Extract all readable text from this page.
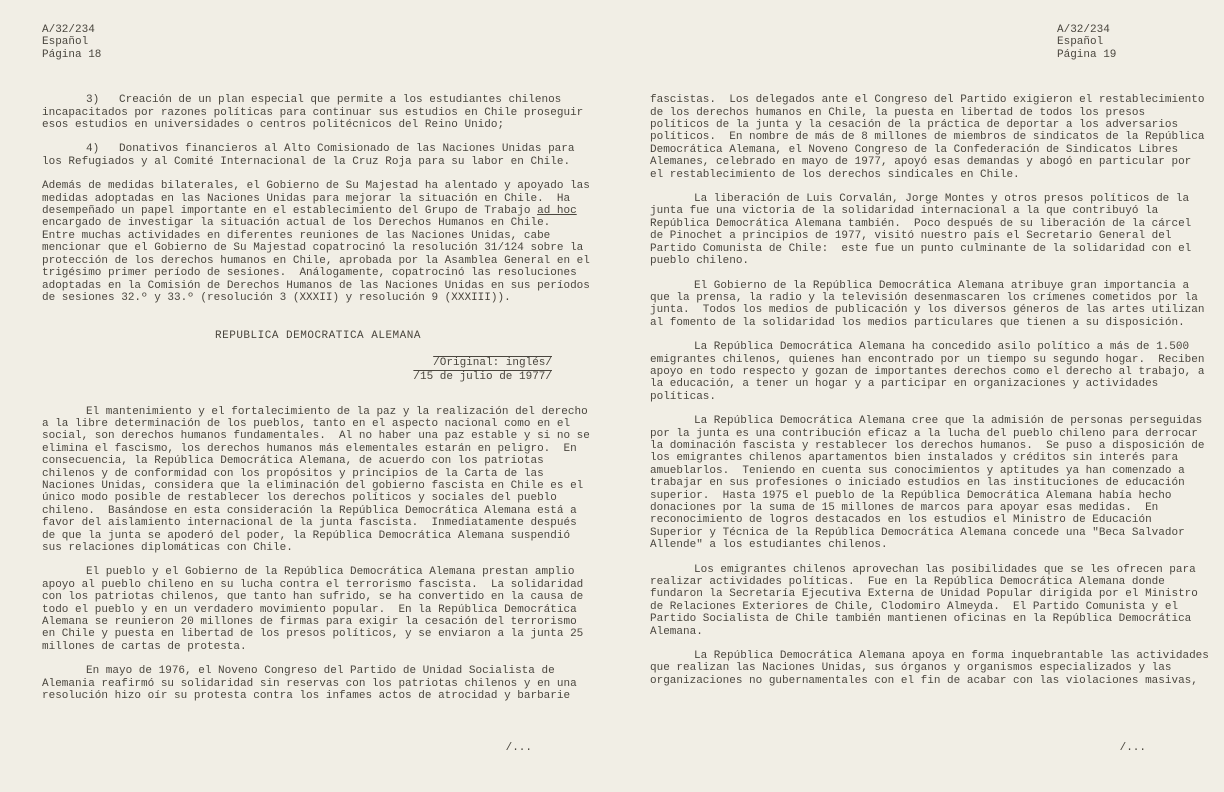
A/32/234
Español
Página 18

3)   Creación de un plan especial que permite a los estudiantes chilenos incapacitados por razones políticas para continuar sus estudios en Chile proseguir esos estudios en universidades o centros politécnicos del Reino Unido;

4)   Donativos financieros al Alto Comisionado de las Naciones Unidas para los Refugiados y al Comité Internacional de la Cruz Roja para su labor en Chile.

Además de medidas bilaterales, el Gobierno de Su Majestad ha alentado y apoyado las medidas adoptadas en las Naciones Unidas para mejorar la situación en Chile.  Ha desempeñado un papel importante en el establecimiento del Grupo de Trabajo ad hoc encargado de investigar la situación actual de los Derechos Humanos en Chile.  Entre muchas actividades en diferentes reuniones de las Naciones Unidas, cabe mencionar que el Gobierno de Su Majestad copatrocinó la resolución 31/124 sobre la protección de los derechos humanos en Chile, aprobada por la Asamblea General en el trigésimo primer período de sesiones.  Análogamente, copatrocinó las resoluciones adoptadas en la Comisión de Derechos Humanos de las Naciones Unidas en sus períodos de sesiones 32.º y 33.º (resolución 3 (XXXII) y resolución 9 (XXXIII)).

REPUBLICA DEMOCRATICA ALEMANA
/Original: inglés/
/15 de julio de 1977/

El mantenimiento y el fortalecimiento de la paz y la realización del derecho a la libre determinación de los pueblos, tanto en el aspecto nacional como en el social, son derechos humanos fundamentales.  Al no haber una paz estable y si no se elimina el fascismo, los derechos humanos más elementales estarán en peligro.  En consecuencia, la República Democrática Alemana, de acuerdo con los patriotas chilenos y de conformidad con los propósitos y principios de la Carta de las Naciones Unidas, considera que la eliminación del gobierno fascista en Chile es el único modo posible de restablecer los derechos políticos y sociales del pueblo chileno.  Basándose en esta consideración la República Democrática Alemana está a favor del aislamiento internacional de la junta fascista.  Inmediatamente después de que la junta se apoderó del poder, la República Democrática Alemana suspendió sus relaciones diplomáticas con Chile.

El pueblo y el Gobierno de la República Democrática Alemana prestan amplio apoyo al pueblo chileno en su lucha contra el terrorismo fascista.  La solidaridad con los patriotas chilenos, que tanto han sufrido, se ha convertido en la causa de todo el pueblo y en un verdadero movimiento popular.  En la República Democrática Alemana se reunieron 20 millones de firmas para exigir la cesación del terrorismo en Chile y puesta en libertad de los presos políticos, y se enviaron a la junta 25 millones de cartas de protesta.

En mayo de 1976, el Noveno Congreso del Partido de Unidad Socialista de Alemania reafirmó su solidaridad sin reservas con los patriotas chilenos y en una resolución hizo oír su protesta contra los infames actos de atrocidad y barbarie

/...
A/32/234
Español
Página 19

fascistas.  Los delegados ante el Congreso del Partido exigieron el restablecimiento de los derechos humanos en Chile, la puesta en libertad de todos los presos políticos de la junta y la cesación de la práctica de deportar a los adversarios políticos.  En nombre de más de 8 millones de miembros de sindicatos de la República Democrática Alemana, el Noveno Congreso de la Confederación de Sindicatos Libres Alemanes, celebrado en mayo de 1977, apoyó esas demandas y abogó en particular por el restablecimiento de los derechos sindicales en Chile.

La liberación de Luis Corvalán, Jorge Montes y otros presos políticos de la junta fue una victoria de la solidaridad internacional a la que contribuyó la República Democrática Alemana también.  Poco después de su liberación de la cárcel de Pinochet a principios de 1977, visitó nuestro país el Secretario General del Partido Comunista de Chile:  este fue un punto culminante de la solidaridad con el pueblo chileno.

El Gobierno de la República Democrática Alemana atribuye gran importancia a que la prensa, la radio y la televisión desenmascaren los crímenes cometidos por la junta.  Todos los medios de publicación y los diversos géneros de las artes utilizan al fomento de la solidaridad los medios particulares que tienen a su disposición.

La República Democrática Alemana ha concedido asilo político a más de 1.500 emigrantes chilenos, quienes han encontrado por un tiempo su segundo hogar.  Reciben apoyo en todo respecto y gozan de importantes derechos como el derecho al trabajo, a la educación, a tener un hogar y a participar en organizaciones y actividades políticas.

La República Democrática Alemana cree que la admisión de personas perseguidas por la junta es una contribución eficaz a la lucha del pueblo chileno para derrocar la dominación fascista y restablecer los derechos humanos.  Se puso a disposición de los emigrantes chilenos apartamentos bien instalados y créditos sin interés para amueblarlos.  Teniendo en cuenta sus conocimientos y aptitudes ya han comenzado a trabajar en sus profesiones o iniciado estudios en las instituciones de educación superior.  Hasta 1975 el pueblo de la República Democrática Alemana había hecho donaciones por la suma de 15 millones de marcos para apoyar esas medidas.  En reconocimiento de logros destacados en los estudios el Ministro de Educación Superior y Técnica de la República Democrática Alemana concede una "Beca Salvador Allende" a los estudiantes chilenos.

Los emigrantes chilenos aprovechan las posibilidades que se les ofrecen para realizar actividades políticas.  Fue en la República Democrática Alemana donde fundaron la Secretaría Ejecutiva Externa de Unidad Popular dirigida por el Ministro de Relaciones Exteriores de Chile, Clodomiro Almeyda.  El Partido Comunista y el Partido Socialista de Chile también mantienen oficinas en la República Democrática Alemana.

La República Democrática Alemana apoya en forma inquebrantable las actividades que realizan las Naciones Unidas, sus órganos y organismos especializados y las organizaciones no gubernamentales con el fin de acabar con las violaciones masivas,

/...
